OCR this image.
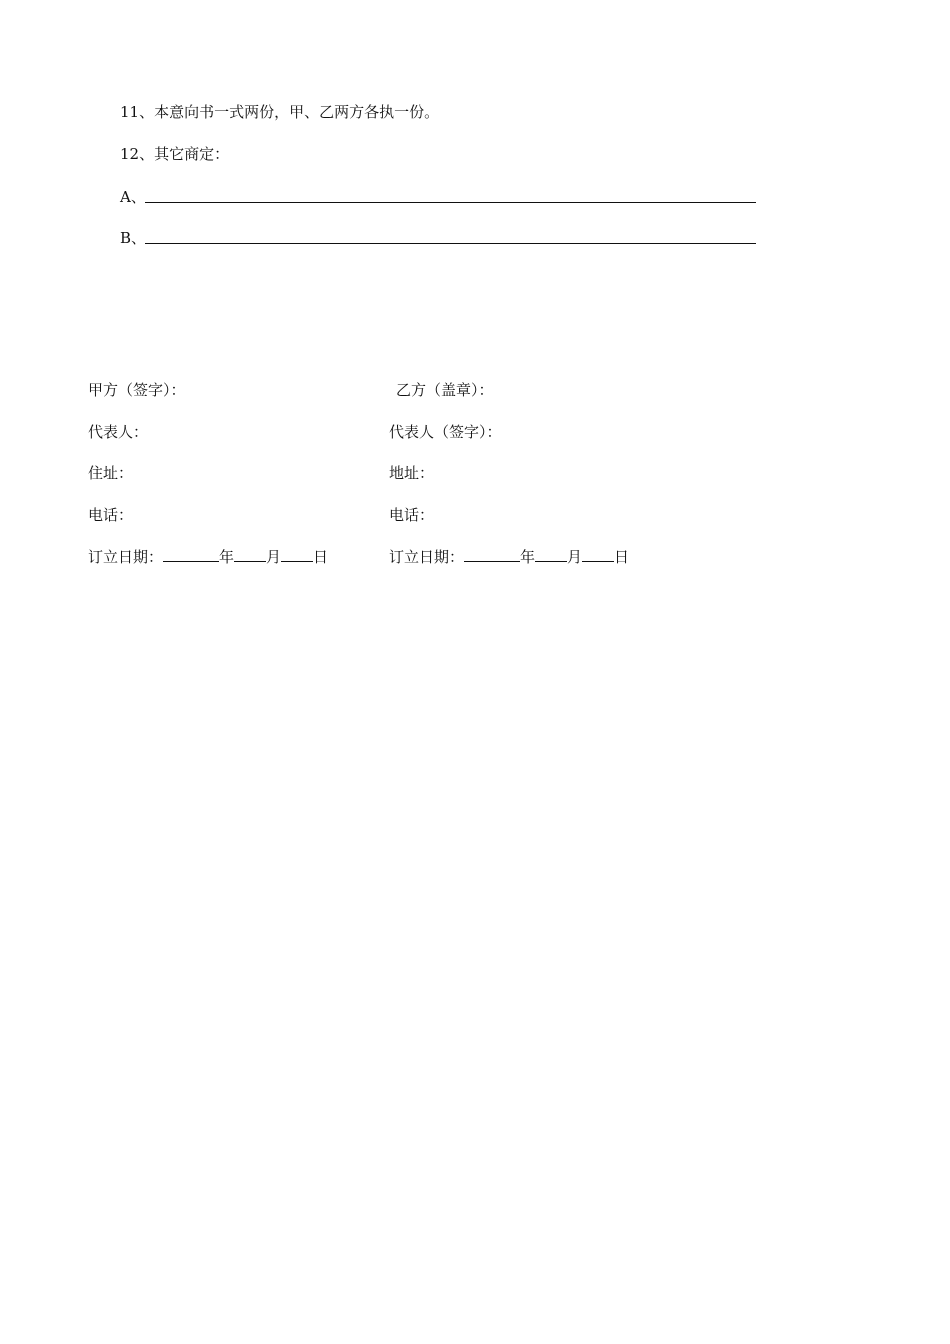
11、本意向书一式两份，甲、乙两方各执一份。
12、其它商定：
A、
B、
甲方（签字）：
代表人：
住址：
电话：
订立日期：	年 月 日
乙方（盖章）：
代表人（签字）：
地址：
电话：
订立日期：	年 月 日
